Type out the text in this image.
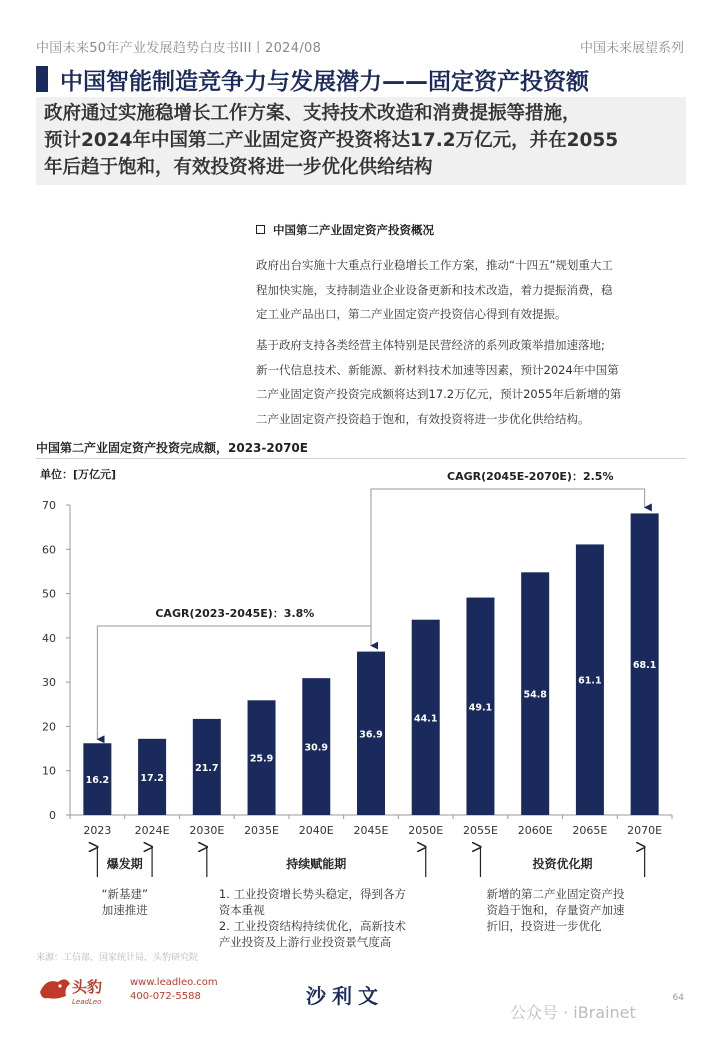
中国未来50年产业发展趋势白皮书III丨2024/08	中国未来展望系列
中国智能制造竞争力与发展潜力——固定资产投资额
政府通过实施稳增长工作方案、支持技术改造和消费提振等措施，
预计2024年中国第二产业固定资产投资将达17.2万亿元，并在2055
年后趋于饱和，有效投资将进一步优化供给结构
中国第二产业固定资产投资概况
政府出台实施十大重点行业稳增长工作方案，推动“十四五”规划重大工
程加快实施，支持制造业企业设备更新和技术改造，着力提振消费，稳
定工业产品出口，第二产业固定资产投资信心得到有效提振。
基于政府支持各类经营主体特别是民营经济的系列政策举措加速落地;
新一代信息技术、新能源、新材料技术加速等因素，预计2024年中国第
二产业固定资产投资完成额将达到17.2万亿元，预计2055年后新增的第
二产业固定资产投资趋于饱和，有效投资将进一步优化供给结构。
中国第二产业固定资产投资完成额，2023-2070E
单位：[万亿元]
0
10
20
30
40
50
60
70
16.2
2023
17.2
2024E
21.7
2030E
25.9
2035E
30.9
2040E
36.9
2045E
44.1
2050E
49.1
2055E
54.8
2060E
61.1
2065E
68.1
2070E
CAGR(2023-2045E)：3.8%
CAGR(2045E-2070E)：2.5%
爆发期
“新基建”
加速推进
持续赋能期
1. 工业投资增长势头稳定，得到各方
资本重视
2. 工业投资结构持续优化，高新技术
产业投资及上游行业投资景气度高
投资优化期
新增的第二产业固定资产投
资趋于饱和，存量资产加速
折旧，投资进一步优化
来源：工信部，国家统计局，头豹研究院
头豹
LeadLeo
www.leadleo.com
400-072-5588	沙利文	64
公众号 · iBrainet
